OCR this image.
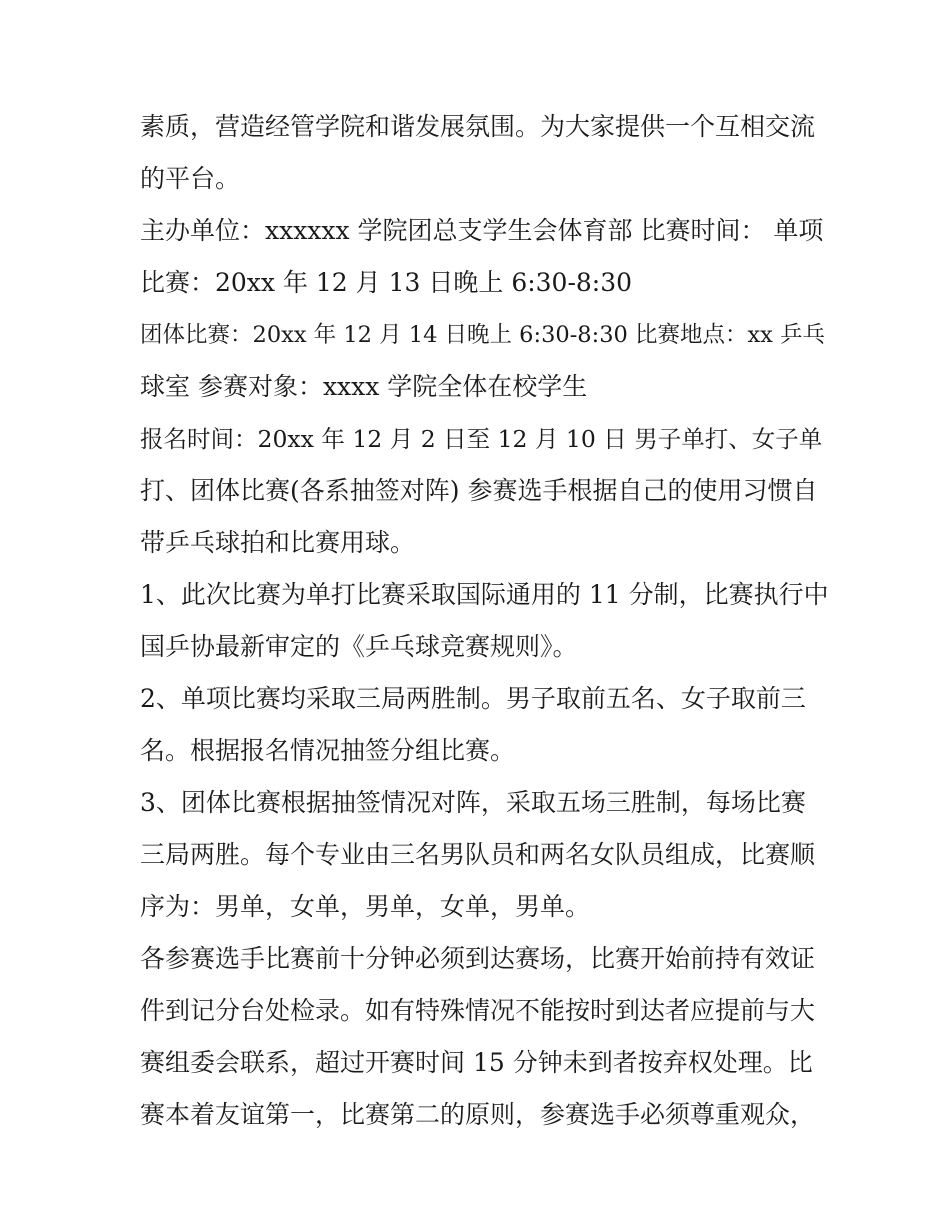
素质，营造经管学院和谐发展氛围。为大家提供一个互相交流
的平台。
主办单位：xxxxxx 学院团总支学生会体育部 比赛时间： 单项
比赛：20xx 年 12 月 13 日晚上 6:30-8:30
团体比赛：20xx 年 12 月 14 日晚上 6:30-8:30 比赛地点：xx 乒乓
球室 参赛对象：xxxx 学院全体在校学生
报名时间：20xx 年 12 月 2 日至 12 月 10 日 男子单打、女子单
打、团体比赛(各系抽签对阵) 参赛选手根据自己的使用习惯自
带乒乓球拍和比赛用球。
1、此次比赛为单打比赛采取国际通用的 11 分制，比赛执行中
国乒协最新审定的《乒乓球竞赛规则》。
2、单项比赛均采取三局两胜制。男子取前五名、女子取前三
名。根据报名情况抽签分组比赛。
3、团体比赛根据抽签情况对阵，采取五场三胜制，每场比赛
三局两胜。每个专业由三名男队员和两名女队员组成，比赛顺
序为：男单，女单，男单，女单，男单。
各参赛选手比赛前十分钟必须到达赛场，比赛开始前持有效证
件到记分台处检录。如有特殊情况不能按时到达者应提前与大
赛组委会联系，超过开赛时间 15 分钟未到者按弃权处理。比
赛本着友谊第一，比赛第二的原则，参赛选手必须尊重观众，
